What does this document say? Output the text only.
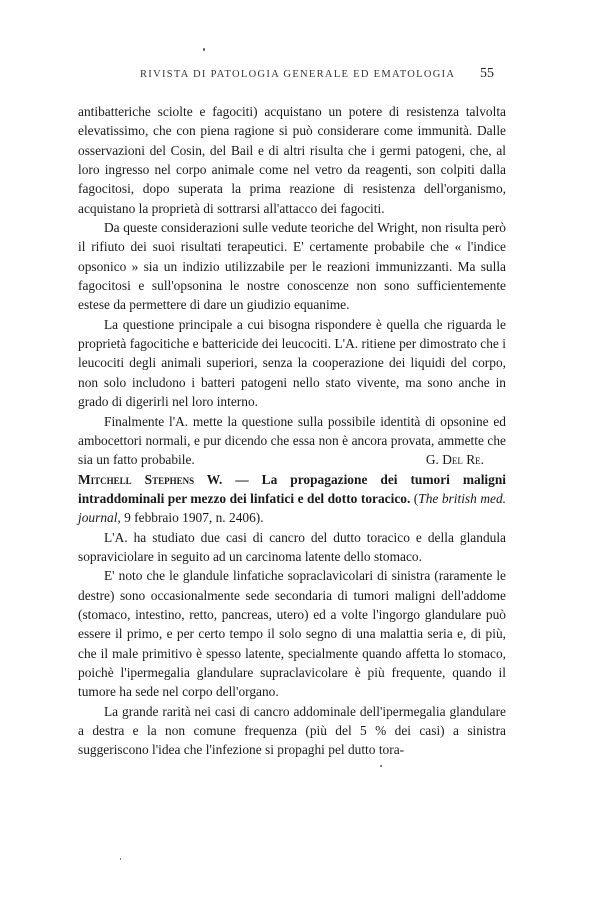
RIVISTA DI PATOLOGIA GENERALE ED EMATOLOGIA 55

antibatteriche sciolte e fagociti) acquistano un potere di resistenza talvolta elevatissimo, che con piena ragione si può considerare come immunità. Dalle osservazioni del Cosin, del Bail e di altri risulta che i germi patogeni, che, al loro ingresso nel corpo animale come nel vetro da reagenti, son colpiti dalla fagocitosi, dopo superata la prima reazione di resistenza dell'organismo, acquistano la proprietà di sottrarsi all'attacco dei fagociti.

Da queste considerazioni sulle vedute teoriche del Wright, non risulta però il rifiuto dei suoi risultati terapeutici. E' certamente probabile che « l'indice opsonico » sia un indizio utilizzabile per le reazioni immunizzanti. Ma sulla fagocitosi e sull'opsonina le nostre conoscenze non sono sufficientemente estese da permettere di dare un giudizio equanime.

La questione principale a cui bisogna rispondere è quella che riguarda le proprietà fagocitiche e battericide dei leucociti. L'A. ritiene per dimostrato che i leucociti degli animali superiori, senza la cooperazione dei liquidi del corpo, non solo includono i batteri patogeni nello stato vivente, ma sono anche in grado di digerirli nel loro interno.

Finalmente l'A. mette la questione sulla possibile identità di opsonine ed ambocettori normali, e pur dicendo che essa non è ancora provata, ammette che sia un fatto probabile.	G. Del Re.

Mitchell Stephens W. — La propagazione dei tumori maligni intraddominali per mezzo dei linfatici e del dotto toracico. (The british med. journal, 9 febbraio 1907, n. 2406).

L'A. ha studiato due casi di cancro del dutto toracico e della glandula sopraviciolare in seguito ad un carcinoma latente dello stomaco.

E' noto che le glandule linfatiche sopraclavicolari di sinistra (raramente le destre) sono occasionalmente sede secondaria di tumori maligni dell'addome (stomaco, intestino, retto, pancreas, utero) ed a volte l'ingorgo glandulare può essere il primo, e per certo tempo il solo segno di una malattia seria e, di più, che il male primitivo è spesso latente, specialmente quando affetta lo stomaco, poichè l'ipermegalia glandulare supraclavicolare è più frequente, quando il tumore ha sede nel corpo dell'organo.

La grande rarità nei casi di cancro addominale dell'ipermegalia glandulare a destra e la non comune frequenza (più del 5 % dei casi) a sinistra suggeriscono l'idea che l'infezione si propaghi pel dutto tora-
